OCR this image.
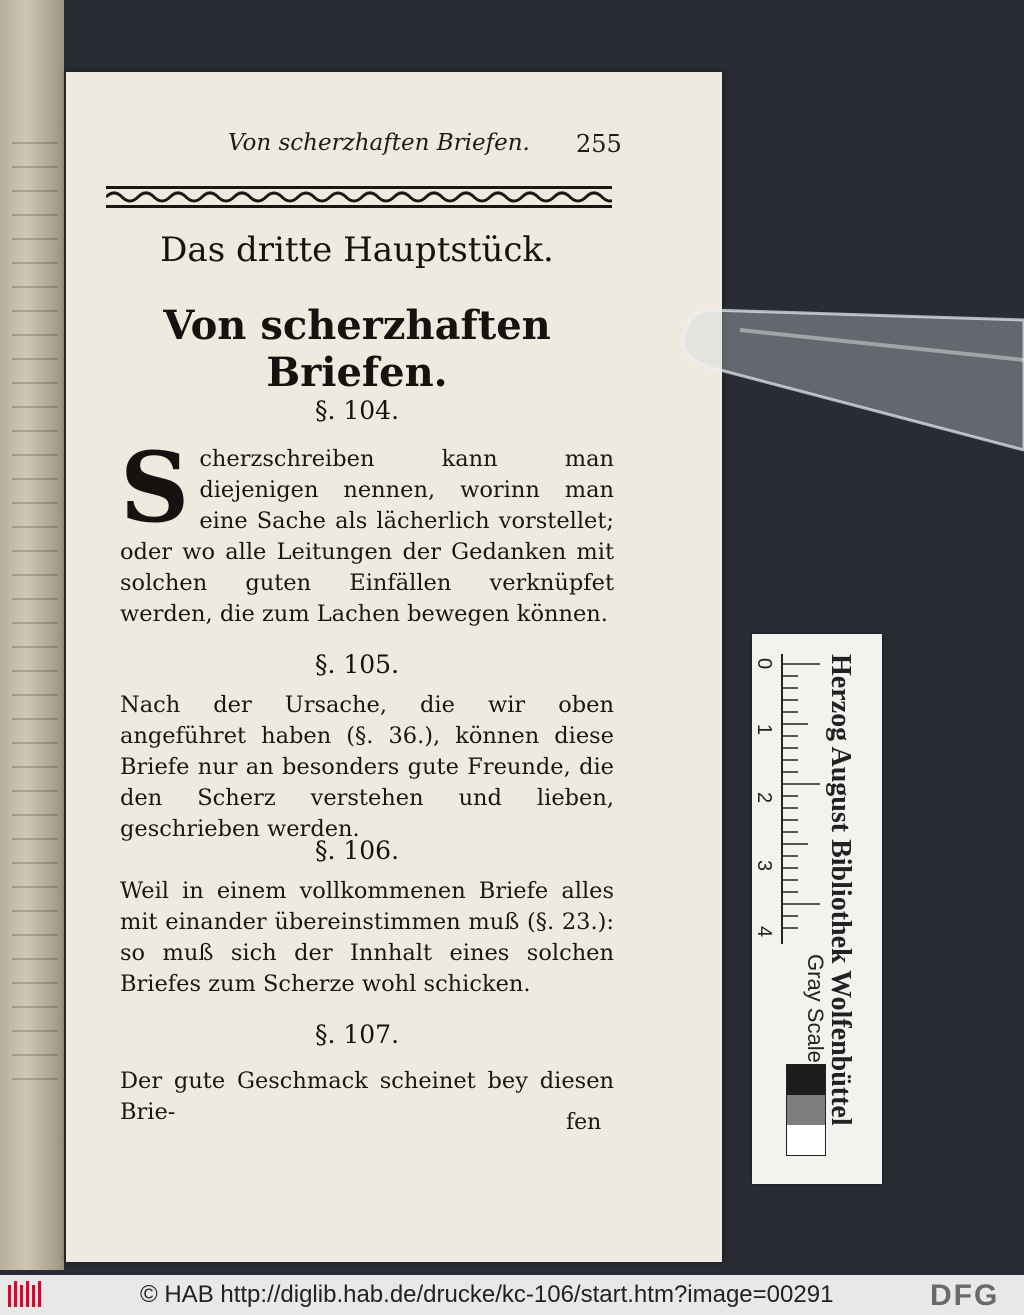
Von scherzhaften Briefen. 255
Das dritte Hauptstück.
Von scherzhaften Briefen.
§. 104.
S cherzschreiben kann man diejenigen nennen, worinn man eine Sache als lächerlich vorstellet; oder wo alle Leitungen der Gedanken mit solchen guten Einfällen verknüpfet werden, die zum Lachen bewegen können.
§. 105.
Nach der Ursache, die wir oben angeführet haben (§. 36.), können diese Briefe nur an besonders gute Freunde, die den Scherz verstehen und lieben, geschrieben werden.
§. 106.
Weil in einem vollkommenen Briefe alles mit einander übereinstimmen muß (§. 23.): so muß sich der Innhalt eines solchen Briefes zum Scherze wohl schicken.
§. 107.
Der gute Geschmack scheinet bey diesen Brie-	fen
0
1
2
3
4	Herzog August Bibliothek Wolfenbüttel
Gray Scale
© HAB http://diglib.hab.de/drucke/kc-106/start.htm?image=00291	DFG
